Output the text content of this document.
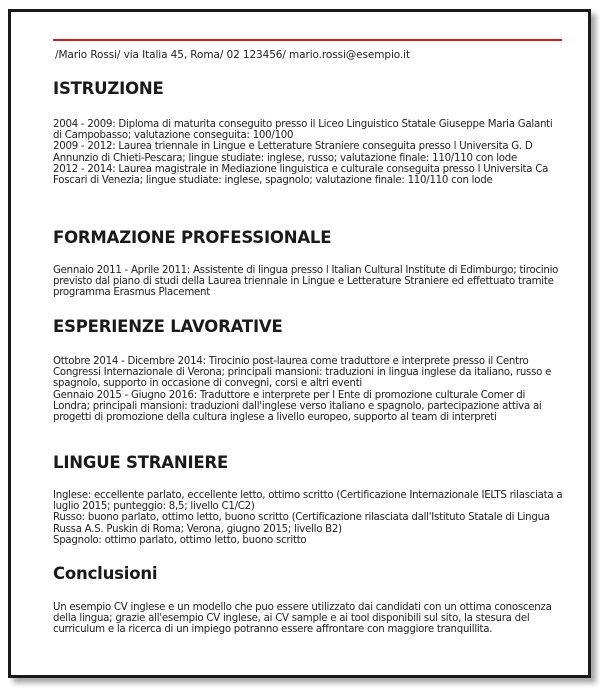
/Mario Rossi/ via Italia 45, Roma/ 02 123456/ mario.rossi@esempio.it
ISTRUZIONE

2004 - 2009: Diploma di maturita conseguito presso il Liceo Linguistico Statale Giuseppe Maria Galanti di Campobasso; valutazione conseguita: 100/100

2009 - 2012: Laurea triennale in Lingue e Letterature Straniere conseguita presso l Universita G. D Annunzio di Chieti-Pescara; lingue studiate: inglese, russo; valutazione finale: 110/110 con lode

2012 - 2014: Laurea magistrale in Mediazione linguistica e culturale conseguita presso l Universita Ca Foscari di Venezia; lingue studiate: inglese, spagnolo; valutazione finale: 110/110 con lode

FORMAZIONE PROFESSIONALE

Gennaio 2011 - Aprile 2011: Assistente di lingua presso l Italian Cultural Institute di Edimburgo; tirocinio previsto dal piano di studi della Laurea triennale in Lingue e Letterature Straniere ed effettuato tramite programma Erasmus Placement

ESPERIENZE LAVORATIVE

Ottobre 2014 - Dicembre 2014: Tirocinio post-laurea come traduttore e interprete presso il Centro Congressi Internazionale di Verona; principali mansioni: traduzioni in lingua inglese da italiano, russo e spagnolo, supporto in occasione di convegni, corsi e altri eventi

Gennaio 2015 - Giugno 2016: Traduttore e interprete per l Ente di promozione culturale Comer di Londra; principali mansioni: traduzioni dall'inglese verso italiano e spagnolo, partecipazione attiva ai progetti di promozione della cultura inglese a livello europeo, supporto al team di interpreti

LINGUE STRANIERE

Inglese: eccellente parlato, eccellente letto, ottimo scritto (Certificazione Internazionale IELTS rilasciata a luglio 2015; punteggio: 8,5; livello C1/C2)

Russo: buono parlato, ottimo letto, buono scritto (Certificazione rilasciata dall'Istituto Statale di Lingua Russa A.S. Puskin di Roma; Verona, giugno 2015; livello B2)

Spagnolo: ottimo parlato, ottimo letto, buono scritto

Conclusioni

Un esempio CV inglese e un modello che puo essere utilizzato dai candidati con un ottima conoscenza della lingua; grazie all'esempio CV inglese, ai CV sample e ai tool disponibili sul sito, la stesura del curriculum e la ricerca di un impiego potranno essere affrontare con maggiore tranquillita.
